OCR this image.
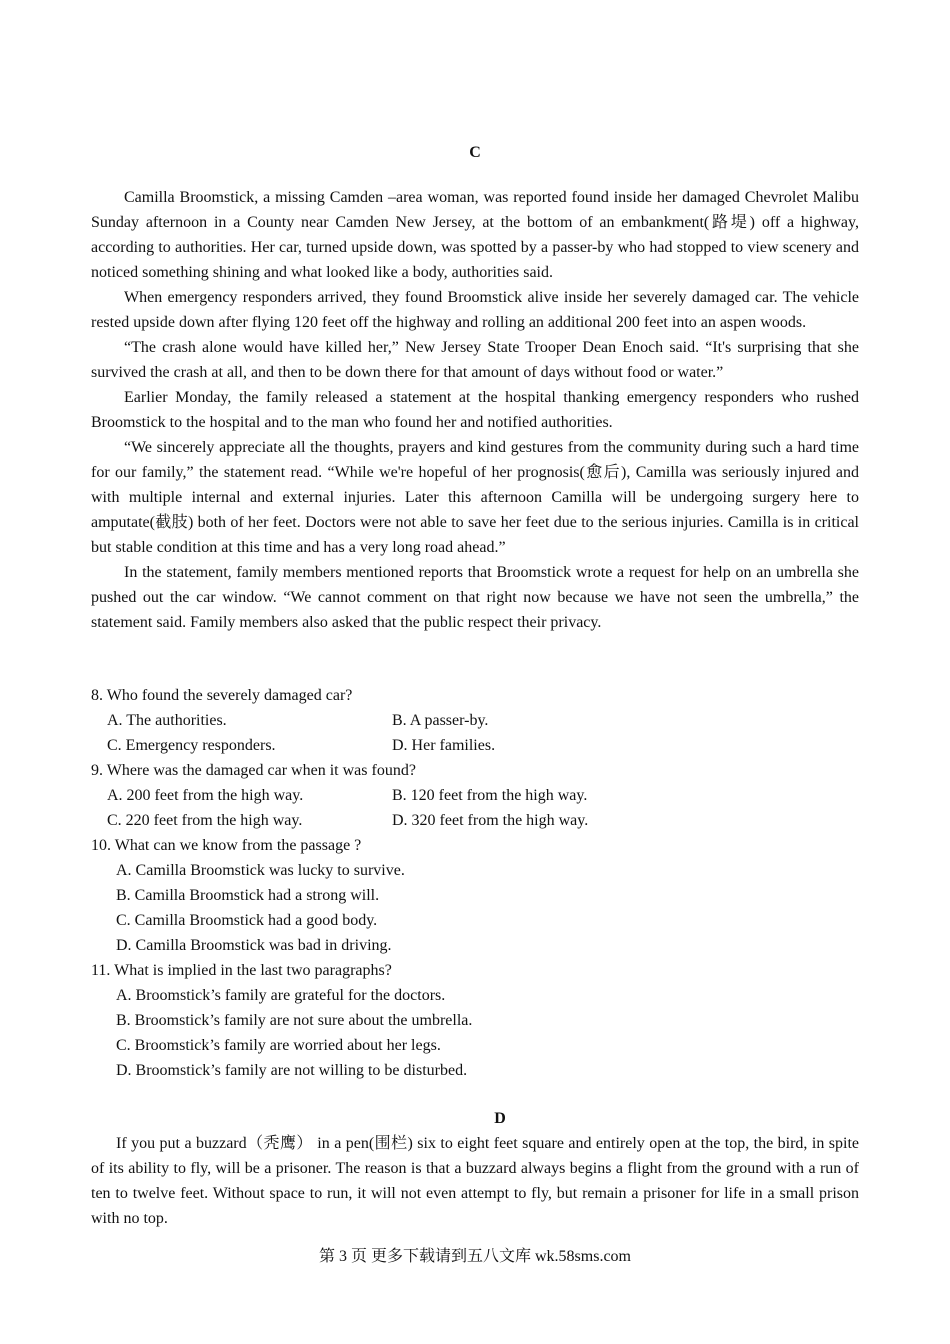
C

Camilla Broomstick, a missing Camden –area woman, was reported found inside her damaged Chevrolet Malibu Sunday afternoon in a County near Camden New Jersey, at the bottom of an embankment(路堤) off a highway, according to authorities. Her car, turned upside down, was spotted by a passer-by who had stopped to view scenery and noticed something shining and what looked like a body, authorities said.

When emergency responders arrived, they found Broomstick alive inside her severely damaged car. The vehicle rested upside down after flying 120 feet off the highway and rolling an additional 200 feet into an aspen woods.

“The crash alone would have killed her,” New Jersey State Trooper Dean Enoch said. “It's surprising that she survived the crash at all, and then to be down there for that amount of days without food or water.”

Earlier Monday, the family released a statement at the hospital thanking emergency responders who rushed Broomstick to the hospital and to the man who found her and notified authorities.

“We sincerely appreciate all the thoughts, prayers and kind gestures from the community during such a hard time for our family,” the statement read. “While we're hopeful of her prognosis(愈后), Camilla was seriously injured and with multiple internal and external injuries. Later this afternoon Camilla will be undergoing surgery here to amputate(截肢) both of her feet. Doctors were not able to save her feet due to the serious injuries. Camilla is in critical but stable condition at this time and has a very long road ahead.”

In the statement, family members mentioned reports that Broomstick wrote a request for help on an umbrella she pushed out the car window. “We cannot comment on that right now because we have not seen the umbrella,” the statement said. Family members also asked that the public respect their privacy.

8. Who found the severely damaged car?
A. The authorities.	B. A passer-by.
C. Emergency responders.	D. Her families.
9. Where was the damaged car when it was found?
A. 200 feet from the high way.	B. 120 feet from the high way.
C. 220 feet from the high way.	D. 320 feet from the high way.
10. What can we know from the passage ?
A. Camilla Broomstick was lucky to survive.
B. Camilla Broomstick had a strong will.
C. Camilla Broomstick had a good body.
D. Camilla Broomstick was bad in driving.
11. What is implied in the last two paragraphs?
A. Broomstick’s family are grateful for the doctors.
B. Broomstick’s family are not sure about the umbrella.
C. Broomstick’s family are worried about her legs.
D. Broomstick’s family are not willing to be disturbed.
D

If you put a buzzard（秃鹰） in a pen(围栏) six to eight feet square and entirely open at the top, the bird, in spite of its ability to fly, will be a prisoner. The reason is that a buzzard always begins a flight from the ground with a run of ten to twelve feet. Without space to run, it will not even attempt to fly, but remain a prisoner for life in a small prison with no top.

第 3 页 更多下载请到五八文库 wk.58sms.com
